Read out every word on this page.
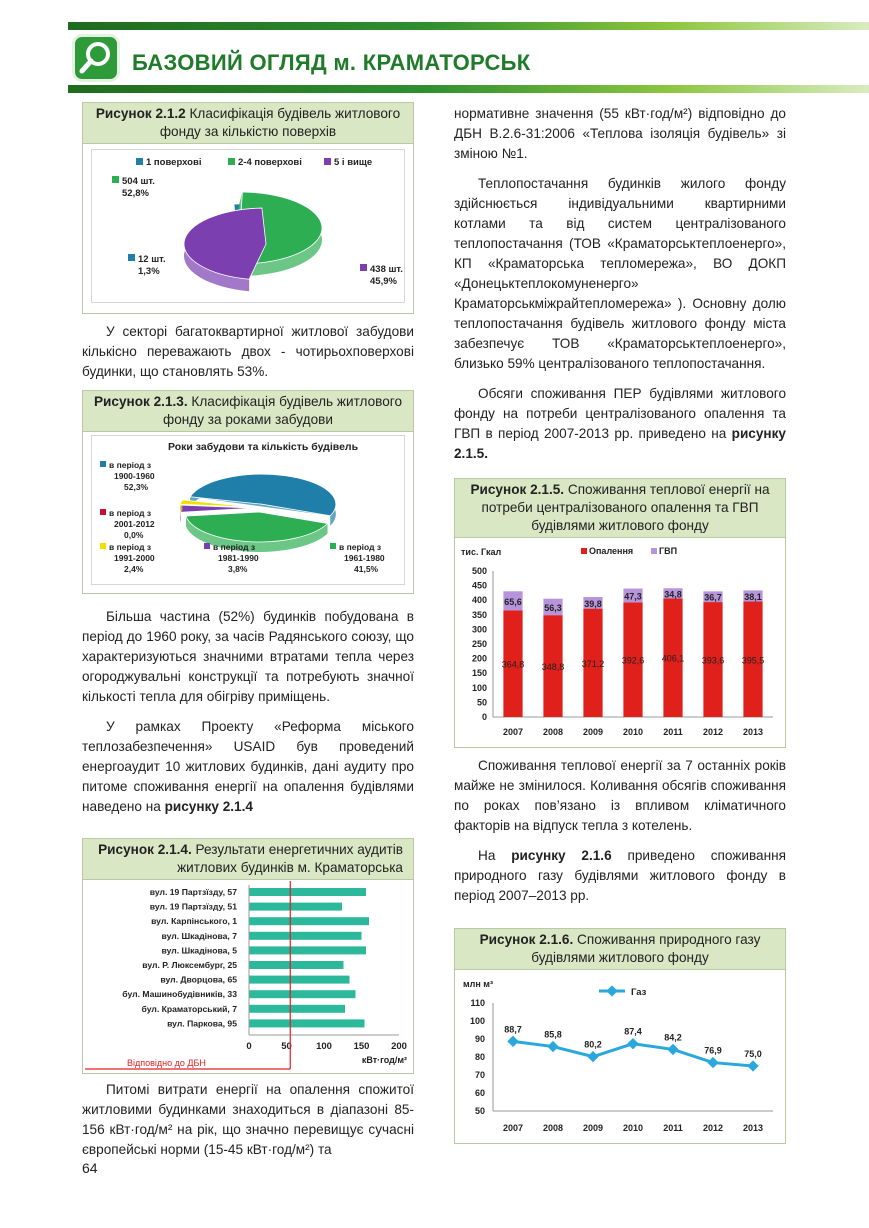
БАЗОВИЙ ОГЛЯД м. КРАМАТОРСЬК
Рисунок 2.1.2 Класифікація будівель житлового фонду за кількістю поверхів
1 поверхові	2-4 поверхові	5 і вище
12 шт.
1,3%
504 шт.
52,8%
438 шт.
45,9%

У секторі багатоквартирної житлової забудови кількісно переважають двох - чотирьохповерхові будинки, що становлять 53%.

Рисунок 2.1.3. Класифікація будівель житлового фонду за роками забудови
Роки забудови та кількість будівель
в період з
1900-1960
52,3%
в період з
1961-1980
41,5%
в період з
1981-1990
3,8%
в період з
1991-2000
2,4%
в період з
2001-2012
0,0%

Більша частина (52%) будинків побудована в період до 1960 року, за часів Радянського союзу, що характеризуються значними втратами тепла через огороджувальні конструкції та потребують значної кількості тепла для обігріву приміщень.

У рамках Проекту «Реформа міського теплозабезпечення» USAID був проведений енергоаудит 10 житлових будинків, дані аудиту про питоме споживання енергії на опалення будівлями наведено на рисунку 2.1.4

Рисунок 2.1.4. Результати енергетичних аудитів житлових будинків м. Краматорська
вул. 19 Партзїзду, 57
вул. 19 Партзїзду, 51
вул. Карпінського, 1
вул. Шкадінова, 7
вул. Шкадінова, 5
вул. Р. Люксембург, 25
вул. Дворцова, 65
бул. Машинобудівників, 33
бул. Краматорський, 7
вул. Паркова, 95
0	50	100 150 200
кВт·год/м²
Відповідно до ДБН

Питомі витрати енергії на опалення спожитої житловими будинками знаходиться в діапазоні 85-156 кВт·год/м² на рік, що значно перевищує сучасні європейські норми (15-45 кВт·год/м²) та

64

нормативне значення (55 кВт·год/м²) відповідно до ДБН В.2.6-31:2006 «Теплова ізоляція будівель» зі зміною №1.

Теплопостачання будинків жилого фонду здійснюється індивідуальними квартирними котлами та від систем централізованого теплопостачання (ТОВ «Краматорськтеплоенерго», КП «Краматорська тепломережа», ВО ДОКП «Донецьктеплокомуненерго» Краматорськміжрайтепломережа» ). Основну долю теплопостачання будівель житлового фонду міста забезпечує ТОВ «Краматорськтеплоенерго», близько 59% централізованого теплопостачання.

Обсяги споживання ПЕР будівлями житлового фонду на потреби централізованого опалення та ГВП в період 2007-2013 рр. приведено на рисунку 2.1.5.

Рисунок 2.1.5. Споживання теплової енергії на потреби централізованого опалення та ГВП будівлями житлового фонду
тис. Гкал	Опалення	ГВП
0
50
100
150
200
250
300
350
400
450
500
364,8
65,6
2007
348,8
56,3
2008
371,2
39,8
2009
392,6
47,3
2010
406,1
34,8
2011
393,6
36,7
2012
395,5
38,1
2013

Споживання теплової енергії за 7 останніх років майже не змінилося. Коливання обсягів споживання по роках пов’язано із впливом кліматичного факторів на відпуск тепла з котелень.

На рисунку 2.1.6 приведено споживання природного газу будівлями житлового фонду в період 2007–2013 рр.

Рисунок 2.1.6. Споживання природного газу будівлями житлового фонду
млн м³
Газ
50
60
70
80
90
100
110
88,7
2007
85,8
2008
80,2
2009
87,4
2010
84,2
2011
76,9
2012
75,0
2013
